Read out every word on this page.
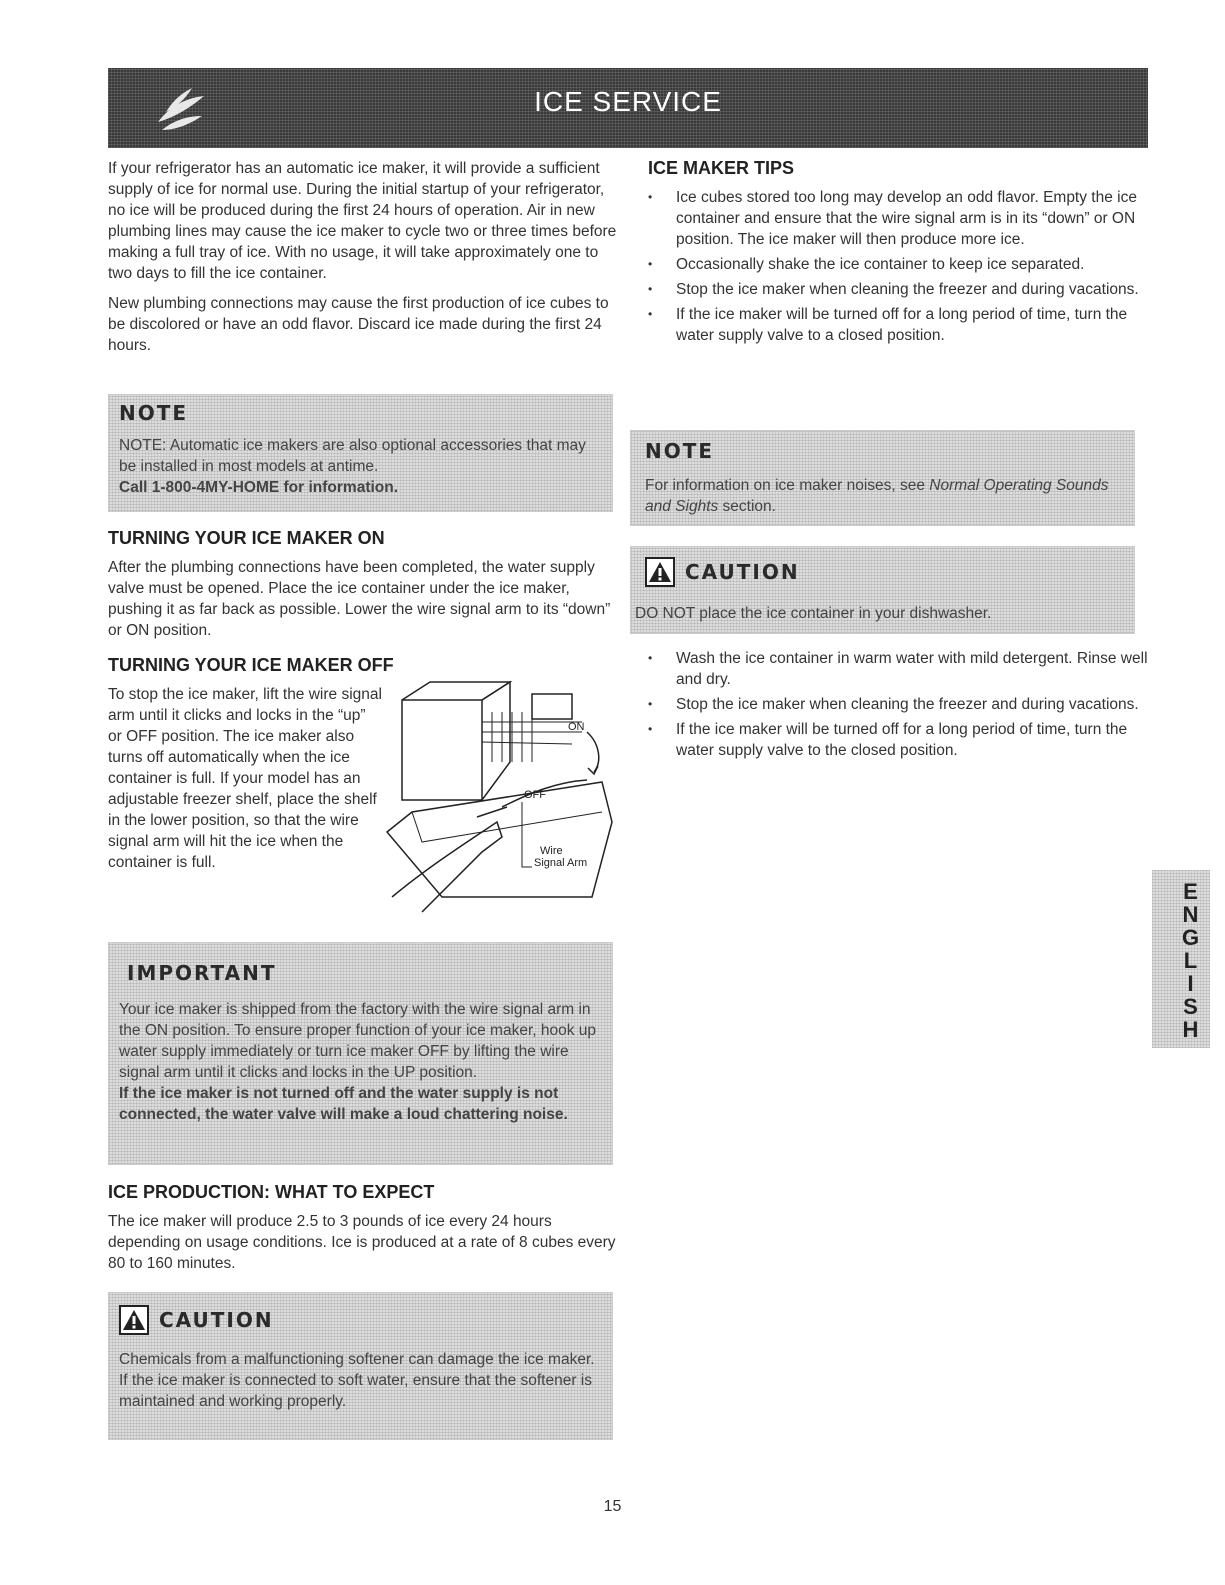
ICE SERVICE

If your refrigerator has an automatic ice maker, it will provide a sufficient supply of ice for normal use. During the initial startup of your refrigerator, no ice will be produced during the first 24 hours of operation. Air in new plumbing lines may cause the ice maker to cycle two or three times before making a full tray of ice. With no usage, it will take approximately one to two days to fill the ice container.

New plumbing connections may cause the first production of ice cubes to be discolored or have an odd flavor. Discard ice made during the first 24 hours.

NOTE
NOTE: Automatic ice makers are also optional accessories that may be installed in most models at antime.
Call 1-800-4MY-HOME for information.
TURNING YOUR ICE MAKER ON

After the plumbing connections have been completed, the water supply valve must be opened. Place the ice container under the ice maker, pushing it as far back as possible. Lower the wire signal arm to its “down” or ON position.

TURNING YOUR ICE MAKER OFF

To stop the ice maker, lift the wire signal arm until it clicks and locks in the “up” or OFF position. The ice maker also turns off automatically when the ice container is full. If your model has an adjustable freezer shelf, place the shelf in the lower position, so that the wire signal arm will hit the ice when the container is full.

ON
OFF
Wire
Signal Arm
IMPORTANT
Your ice maker is shipped from the factory with the wire signal arm in the ON position. To ensure proper function of your ice maker, hook up water supply immediately or turn ice maker OFF by lifting the wire signal arm until it clicks and locks in the UP position.
If the ice maker is not turned off and the water supply is not connected, the water valve will make a loud chattering noise.
ICE PRODUCTION: WHAT TO EXPECT

The ice maker will produce 2.5 to 3 pounds of ice every 24 hours depending on usage conditions. Ice is produced at a rate of 8 cubes every 80 to 160 minutes.

CAUTION
Chemicals from a malfunctioning softener can damage the ice maker. If the ice maker is connected to soft water, ensure that the softener is maintained and working properly.
ICE MAKER TIPS
• Ice cubes stored too long may develop an odd flavor. Empty the ice container and ensure that the wire signal arm is in its “down” or ON position. The ice maker will then produce more ice.
• Occasionally shake the ice container to keep ice separated.
• Stop the ice maker when cleaning the freezer and during vacations.
• If the ice maker will be turned off for a long period of time, turn the water supply valve to a closed position.
NOTE
For information on ice maker noises, see Normal Operating Sounds and Sights section.
CAUTION
DO NOT place the ice container in your dishwasher.
• Wash the ice container in warm water with mild detergent. Rinse well and dry.
• Stop the ice maker when cleaning the freezer and during vacations.
• If the ice maker will be turned off for a long period of time, turn the water supply valve to the closed position.
ENGLISH
15
